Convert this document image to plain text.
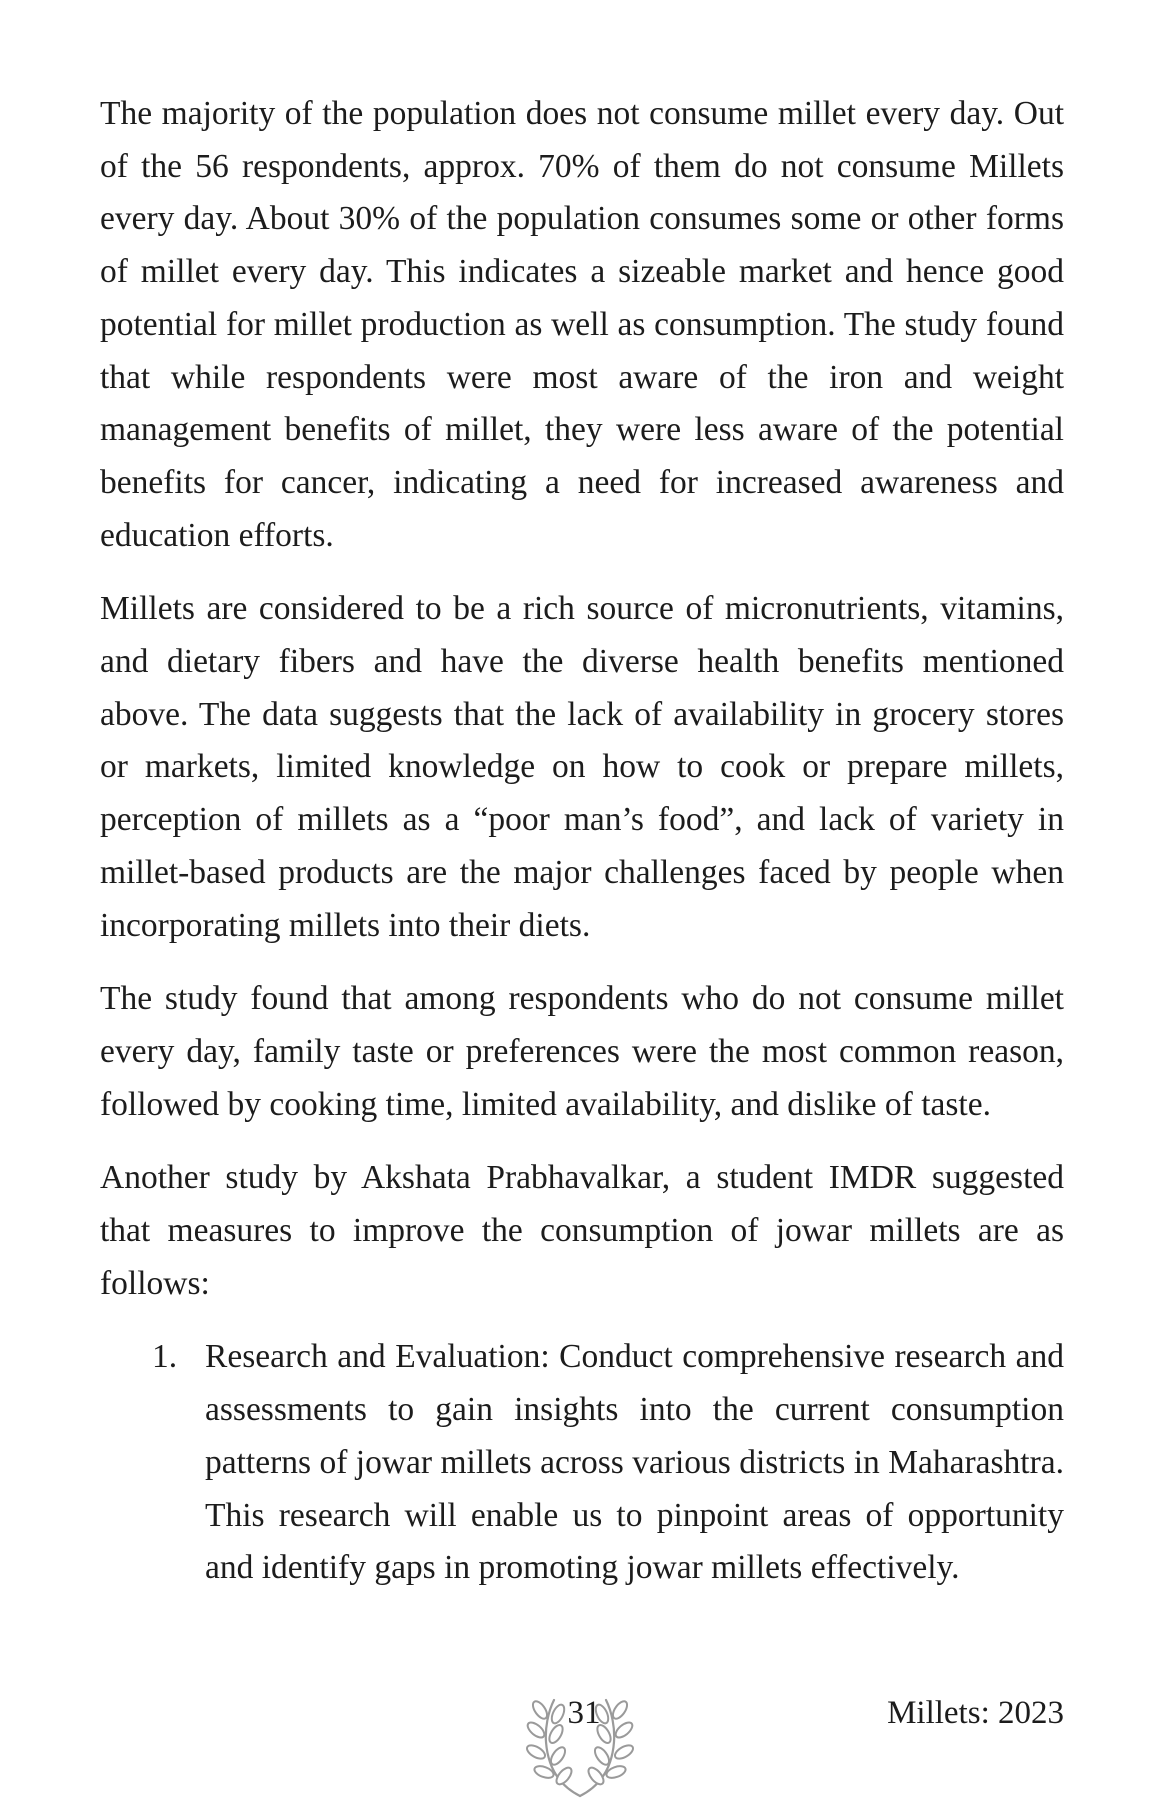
The majority of the population does not consume millet every day. Out of the 56 respondents, approx. 70% of them do not consume Millets every day. About 30% of the population consumes some or other forms of millet every day. This indicates a sizeable market and hence good potential for millet production as well as consumption. The study found that while respondents were most aware of the iron and weight management benefits of millet, they were less aware of the potential benefits for cancer, indicating a need for increased awareness and education efforts.

Millets are considered to be a rich source of micronutrients, vitamins, and dietary fibers and have the diverse health benefits mentioned above. The data suggests that the lack of availability in grocery stores or markets, limited knowledge on how to cook or prepare millets, perception of millets as a “poor man’s food”, and lack of variety in millet-based products are the major challenges faced by people when incorporating millets into their diets.

The study found that among respondents who do not consume millet every day, family taste or preferences were the most common reason, followed by cooking time, limited availability, and dislike of taste.

Another study by Akshata Prabhavalkar, a student IMDR suggested that measures to improve the consumption of jowar millets are as follows:

1. Research and Evaluation: Conduct comprehensive research and assessments to gain insights into the current consumption patterns of jowar millets across various districts in Maharashtra. This research will enable us to pinpoint areas of opportunity and identify gaps in promoting jowar millets effectively.
31	Millets: 2023
